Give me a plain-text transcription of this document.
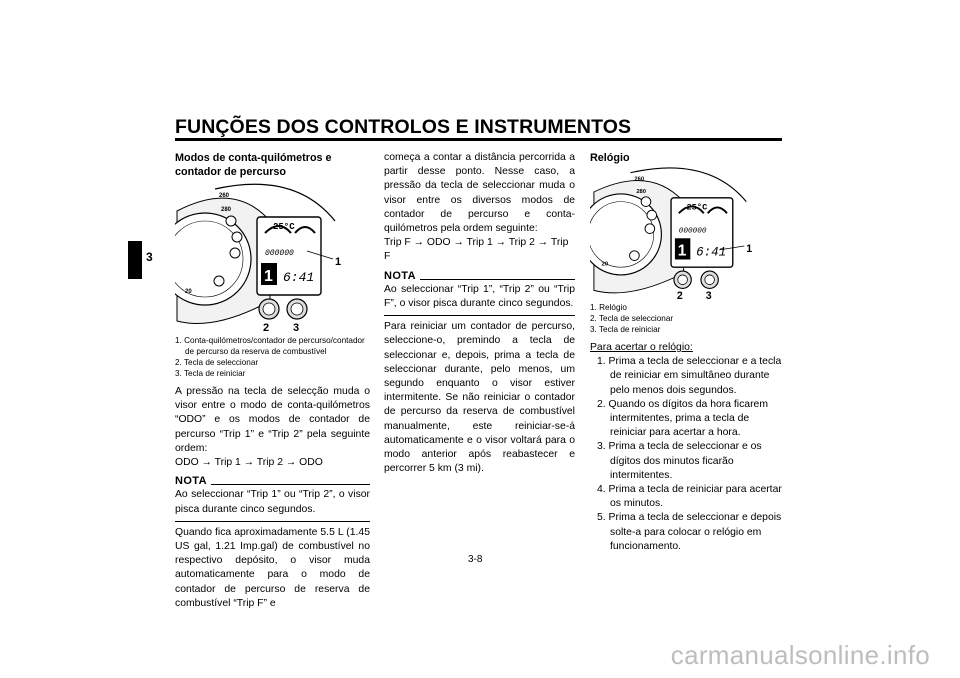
FUNÇÕES DOS CONTROLOS E INSTRUMENTOS
3
Modos de conta-quilómetros e contador de percurso
260
280
20
25°C
000000
1 6:41
1
2 3
1. Conta-quilómetros/contador de percurso/contador de percurso da reserva de combustível
2. Tecla de seleccionar
3. Tecla de reiniciar

A pressão na tecla de selecção muda o visor entre o modo de conta-quilómetros “ODO” e os modos de contador de percurso “Trip 1” e “Trip 2” pela seguinte ordem:

ODO → Trip 1 → Trip 2 → ODO

NOTA

Ao seleccionar “Trip 1” ou “Trip 2”, o visor pisca durante cinco segundos.

Quando fica aproximadamente 5.5 L (1.45 US gal, 1.21 Imp.gal) de combustível no respectivo depósito, o visor muda automaticamente para o modo de contador de percurso de reserva de combustível “Trip F” e

começa a contar a distância percorrida a partir desse ponto. Nesse caso, a pressão da tecla de seleccionar muda o visor entre os diversos modos de contador de percurso e conta-quilómetros pela ordem seguinte:

Trip F → ODO → Trip 1 → Trip 2 → Trip F

NOTA

Ao seleccionar “Trip 1”, “Trip 2” ou “Trip F”, o visor pisca durante cinco segundos.

Para reiniciar um contador de percurso, seleccione-o, premindo a tecla de seleccionar e, depois, prima a tecla de seleccionar durante, pelo menos, um segundo enquanto o visor estiver intermitente. Se não reiniciar o contador de percurso da reserva de combustível manualmente, este reiniciar-se-á automaticamente e o visor voltará para o modo anterior após reabastecer e percorrer 5 km (3 mi).

Relógio
260
280
20
25°C
000000
1 6:41 1
2 3
1. Relógio
2. Tecla de seleccionar
3. Tecla de reiniciar

Para acertar o relógio:

1. Prima a tecla de seleccionar e a tecla de reiniciar em simultâneo durante pelo menos dois segundos.
2. Quando os dígitos da hora ficarem intermitentes, prima a tecla de reiniciar para acertar a hora.
3. Prima a tecla de seleccionar e os dígitos dos minutos ficarão intermitentes.
4. Prima a tecla de reiniciar para acertar os minutos.
5. Prima a tecla de seleccionar e depois solte-a para colocar o relógio em funcionamento.
3-8
carmanualsonline.info
